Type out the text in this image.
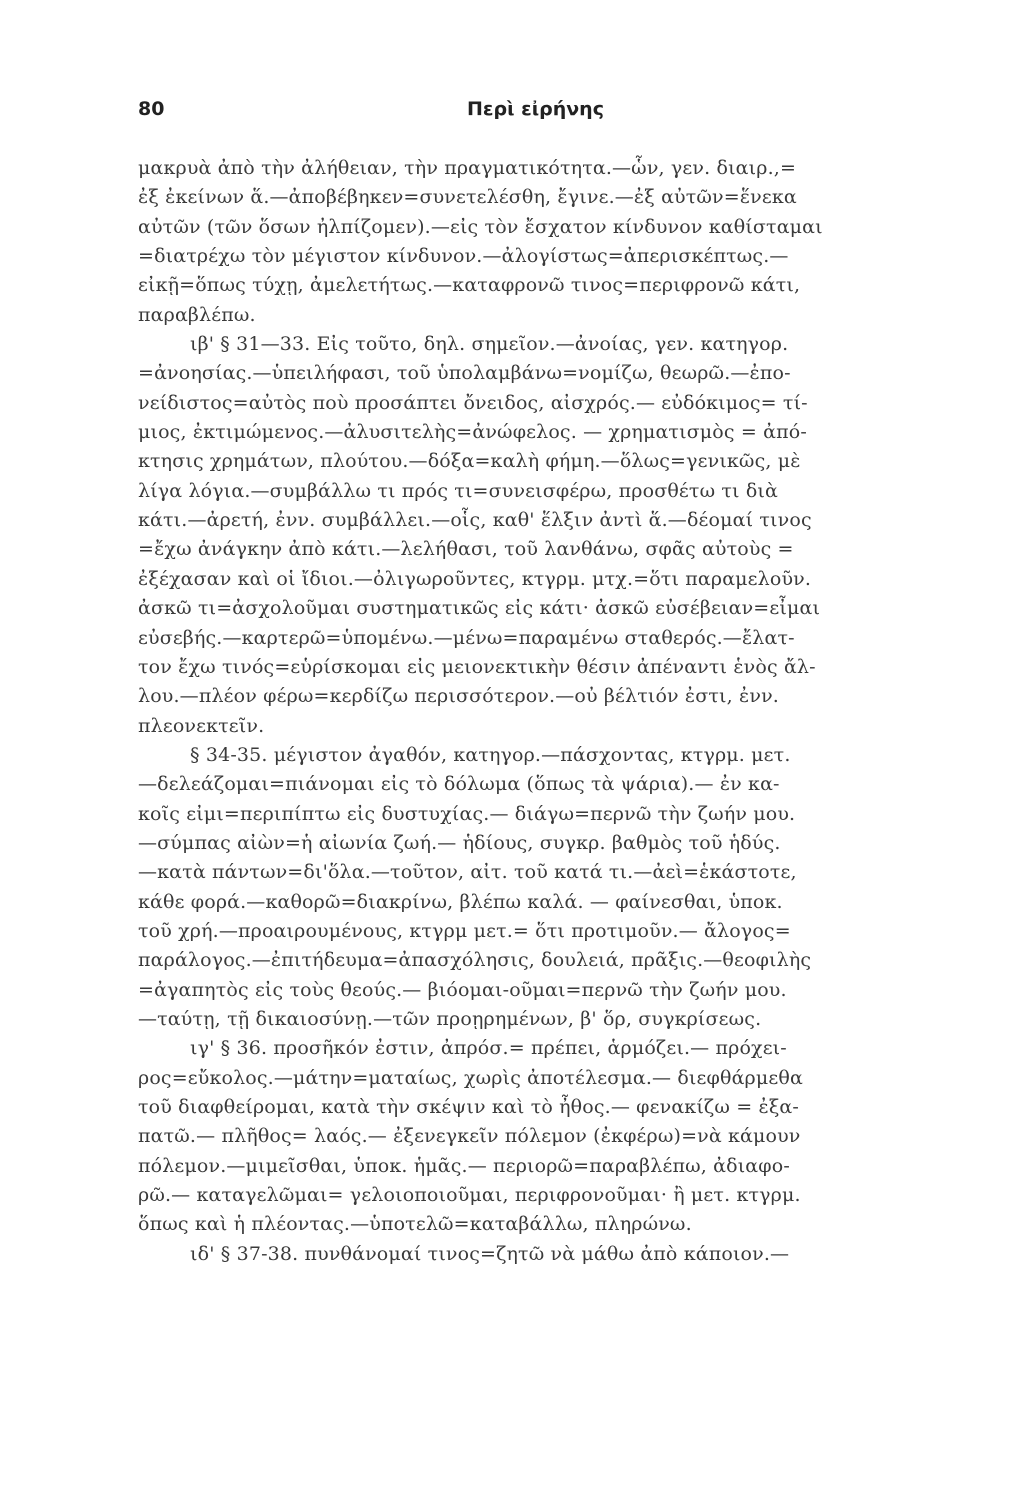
80	Περὶ εἰρήνης
μακρυὰ ἀπὸ τὴν ἀλήθειαν, τὴν πραγματικότητα.—ὧν, γεν. διαιρ.,=
ἐξ ἐκείνων ἅ.—ἀποβέβηκεν=συνετελέσθη, ἔγινε.—ἐξ αὐτῶν=ἕνεκα
αὐτῶν (τῶν ὅσων ἠλπίζομεν).—εἰς τὸν ἔσχατον κίνδυνον καθίσταμαι
=διατρέχω τὸν μέγιστον κίνδυνον.—ἀλογίστως=ἀπερισκέπτως.—
εἰκῇ=ὅπως τύχῃ, ἀμελετήτως.—καταφρονῶ τινος=περιφρονῶ κάτι,
παραβλέπω.
ιβ' § 31—33. Εἰς τοῦτο, δηλ. σημεῖον.—ἀνοίας, γεν. κατηγορ.
=ἀνοησίας.—ὑπειλήφασι, τοῦ ὑπολαμβάνω=νομίζω, θεωρῶ.—ἐπο-
νείδιστος=αὐτὸς ποὺ προσάπτει ὄνειδος, αἰσχρός.— εὐδόκιμος= τί-
μιος, ἐκτιμώμενος.—ἀλυσιτελὴς=ἀνώφελος. — χρηματισμὸς = ἀπό-
κτησις χρημάτων, πλούτου.—δόξα=καλὴ φήμη.—ὅλως=γενικῶς, μὲ
λίγα λόγια.—συμβάλλω τι πρός τι=συνεισφέρω, προσθέτω τι διὰ
κάτι.—ἀρετή, ἐνν. συμβάλλει.—οἷς, καθ' ἕλξιν ἀντὶ ἅ.—δέομαί τινος
=ἔχω ἀνάγκην ἀπὸ κάτι.—λελήθασι, τοῦ λανθάνω, σφᾶς αὐτοὺς =
ἐξέχασαν καὶ οἱ ἴδιοι.—ὀλιγωροῦντες, κτγρμ. μτχ.=ὅτι παραμελοῦν.
ἀσκῶ τι=ἀσχολοῦμαι συστηματικῶς εἰς κάτι· ἀσκῶ εὐσέβειαν=εἶμαι
εὐσεβής.—καρτερῶ=ὑπομένω.—μένω=παραμένω σταθερός.—ἔλατ-
τον ἔχω τινός=εὑρίσκομαι εἰς μειονεκτικὴν θέσιν ἀπέναντι ἑνὸς ἄλ-
λου.—πλέον φέρω=κερδίζω περισσότερον.—οὐ βέλτιόν ἐστι, ἐνν.
πλεονεκτεῖν.
§ 34-35. μέγιστον ἀγαθόν, κατηγορ.—πάσχοντας, κτγρμ. μετ.
—δελεάζομαι=πιάνομαι εἰς τὸ δόλωμα (ὅπως τὰ ψάρια).— ἐν κα-
κοῖς εἰμι=περιπίπτω εἰς δυστυχίας.— διάγω=περνῶ τὴν ζωήν μου.
—σύμπας αἰὼν=ἡ αἰωνία ζωή.— ἡδίους, συγκρ. βαθμὸς τοῦ ἡδύς.
—κατὰ πάντων=δι'ὅλα.—τοῦτον, αἰτ. τοῦ κατά τι.—ἀεὶ=ἑκάστοτε,
κάθε φορά.—καθορῶ=διακρίνω, βλέπω καλά. — φαίνεσθαι, ὑποκ.
τοῦ χρή.—προαιρουμένους, κτγρμ μετ.= ὅτι προτιμοῦν.— ἄλογος=
παράλογος.—ἐπιτήδευμα=ἀπασχόλησις, δουλειά, πρᾶξις.—θεοφιλὴς
=ἀγαπητὸς εἰς τοὺς θεούς.— βιόομαι-οῦμαι=περνῶ τὴν ζωήν μου.
—ταύτῃ, τῇ δικαιοσύνῃ.—τῶν προῃρημένων, β' ὅρ, συγκρίσεως.
ιγ' § 36. προσῆκόν ἐστιν, ἀπρόσ.= πρέπει, ἁρμόζει.— πρόχει-
ρος=εὔκολος.—μάτην=ματαίως, χωρὶς ἀποτέλεσμα.— διεφθάρμεθα
τοῦ διαφθείρομαι, κατὰ τὴν σκέψιν καὶ τὸ ἦθος.— φενακίζω = ἐξα-
πατῶ.— πλῆθος= λαός.— ἐξενεγκεῖν πόλεμον (ἐκφέρω)=νὰ κάμουν
πόλεμον.—μιμεῖσθαι, ὑποκ. ἡμᾶς.— περιορῶ=παραβλέπω, ἀδιαφο-
ρῶ.— καταγελῶμαι= γελοιοποιοῦμαι, περιφρονοῦμαι· ἢ μετ. κτγρμ.
ὅπως καὶ ἡ πλέοντας.—ὑποτελῶ=καταβάλλω, πληρώνω.
ιδ' § 37-38. πυνθάνομαί τινος=ζητῶ νὰ μάθω ἀπὸ κάποιον.—
